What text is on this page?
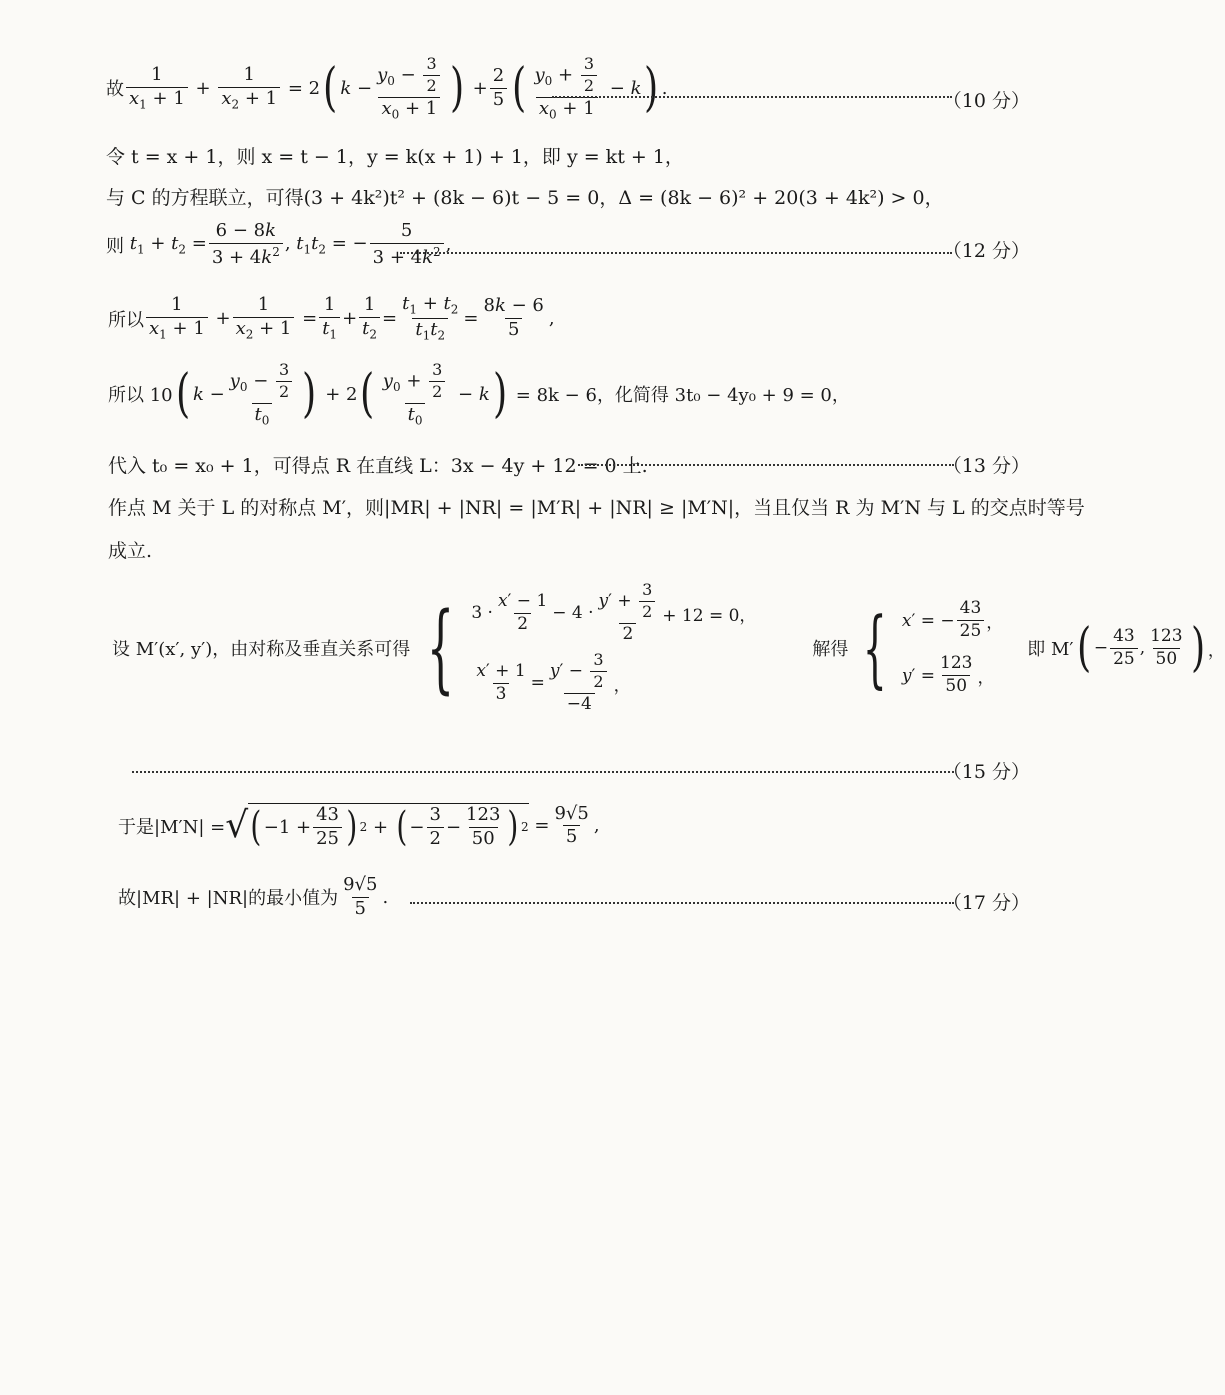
故 $\frac{1}{x_1 + 1} + \frac{1}{x_2 + 1} = 2$ ( $k - \frac{y_0 - \frac{3}{2}}{x_0 + 1}$ ) + $\frac{2}{5}$ ( $\frac{y_0 + \frac{3}{2}}{x_0 + 1} - k$ ) .
（10 分）
令 t = x + 1，则 x = t − 1，y = k(x + 1) + 1，即 y = kt + 1，
与 C 的方程联立，可得(3 + 4k²)t² + (8k − 6)t − 5 = 0，Δ = (8k − 6)² + 20(3 + 4k²) > 0，
则 $t_1 + t_2 = \frac{6 - 8k}{3 + 4k^2}$ , $t_1t_2$ = − $\frac{5}{3 + 4k^2}$ ,	（12 分）
所以 $\frac{1}{x_1 + 1} + \frac{1}{x_2 + 1} = \frac{1}{t_1} + \frac{1}{t_2} = \frac{t_1 + t_2}{t_1t_2} = \frac{8k - 6}{5}$ ,
所以 10 ( $k - \frac{y_0 - \frac{3}{2}}{t_0}$ ) + 2 ( $\frac{y_0 + \frac{3}{2}}{t_0} - k$ )
= 8k − 6，化简得 3t₀ − 4y₀ + 9 = 0，
代入 t₀ = x₀ + 1，可得点 R 在直线 L：3x − 4y + 12 = 0 上.	（13 分）
作点 M 关于 L 的对称点 M′，则|MR| + |NR| = |M′R| + |NR| ≥ |M′N|，当且仅当 R 为 M′N 与 L 的交点时等号
成立.
设 M′(x′, y′)，由对称及垂直关系可得 { $3 \cdot \frac{x' - 1}{2} - 4 \cdot \frac{y' + \frac{3}{2}}{2} + 12 = 0$，
$\frac{x' + 1}{3} = \frac{y' - \frac{3}{2}}{-4}$ ，
解得 { x ′ = − $\frac{43}{25}$ ，
y ′ = $\frac{123}{50}$ ，
即 M′ ( − $\frac{43}{25}$ , $\frac{123}{50}$ ) ，
（15 分）
于是|M′N| = √ ( $-1 + \frac{43}{25}$ ) 2 + ( − $\frac{3}{2} - \frac{123}{50}$ ) $2 = \frac{9√5}{5}$ ,
故|MR| + |NR|的最小值为 $\frac{9√5}{5}$ .	（17 分）
